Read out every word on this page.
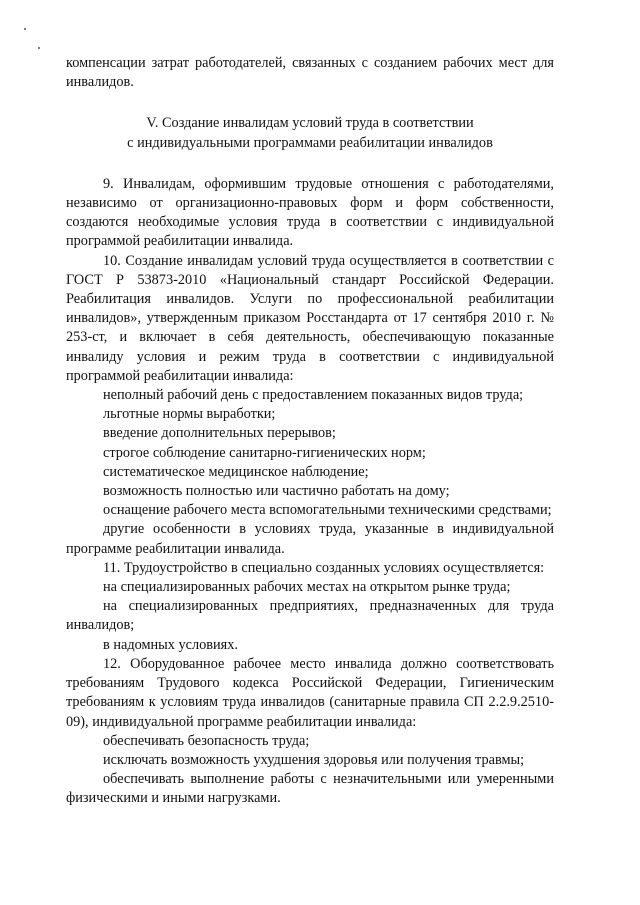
компенсации затрат работодателей, связанных с созданием рабочих мест для инвалидов.

V. Создание инвалидам условий труда в соответствии

с индивидуальными программами реабилитации инвалидов

9. Инвалидам, оформившим трудовые отношения с работодателями, независимо от организационно-правовых форм и форм собственности, создаются необходимые условия труда в соответствии с индивидуальной программой реабилитации инвалида.

10. Создание инвалидам условий труда осуществляется в соответствии с ГОСТ Р 53873-2010 «Национальный стандарт Российской Федерации. Реабилитация инвалидов. Услуги по профессиональной реабилитации инвалидов», утвержденным приказом Росстандарта от 17 сентября 2010 г. № 253-ст, и включает в себя деятельность, обеспечивающую показанные инвалиду условия и режим труда в соответствии с индивидуальной программой реабилитации инвалида:

неполный рабочий день с предоставлением показанных видов труда;

льготные нормы выработки;

введение дополнительных перерывов;

строгое соблюдение санитарно-гигиенических норм;

систематическое медицинское наблюдение;

возможность полностью или частично работать на дому;

оснащение рабочего места вспомогательными техническими средствами;

другие особенности в условиях труда, указанные в индивидуальной программе реабилитации инвалида.

11. Трудоустройство в специально созданных условиях осуществляется:

на специализированных рабочих местах на открытом рынке труда;

на специализированных предприятиях, предназначенных для труда инвалидов;

в надомных условиях.

12. Оборудованное рабочее место инвалида должно соответствовать требованиям Трудового кодекса Российской Федерации, Гигиеническим требованиям к условиям труда инвалидов (санитарные правила СП 2.2.9.2510-09), индивидуальной программе реабилитации инвалида:

обеспечивать безопасность труда;

исключать возможность ухудшения здоровья или получения травмы;

обеспечивать выполнение работы с незначительными или умеренными физическими и иными нагрузками.
